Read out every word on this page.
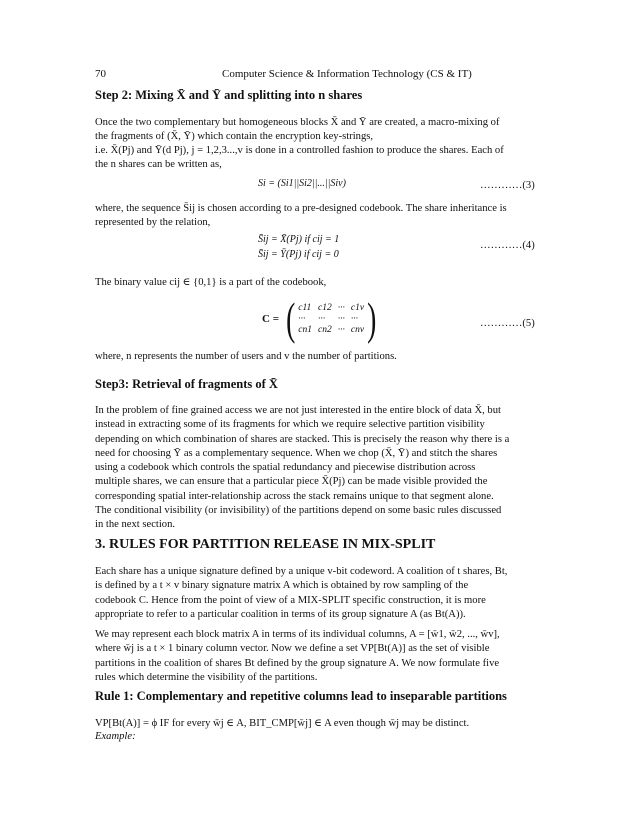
70	Computer Science & Information Technology (CS & IT)
Step 2: Mixing X̄ and Ȳ and splitting into n shares
Once the two complementary but homogeneous blocks X̄ and Ȳ are created, a macro-mixing of
the fragments of (X̄, Ȳ) which contain the encryption key-strings,
i.e. X̄(Pj) and Ȳ(d Pj), j = 1,2,3...,v is done in a controlled fashion to produce the shares. Each of
the n shares can be written as,
Si = (Si1||Si2||...||Siv)	…………(3)
where, the sequence S̄ij is chosen according to a pre-designed codebook. The share inheritance is
represented by the relation,
S̄ij = X̄(Pj) if cij = 1
S̄ij = Ȳ(Pj) if cij = 0
…………(4)
The binary value cij ∈ {0,1} is a part of the codebook,
C = ( c11 c12 ··· c1v
···	···	··· ···
cn1 cn2 ··· cnv )	…………(5)
where, n represents the number of users and v the number of partitions.
Step3: Retrieval of fragments of X̄
In the problem of fine grained access we are not just interested in the entire block of data X̄, but
instead in extracting some of its fragments for which we require selective partition visibility
depending on which combination of shares are stacked. This is precisely the reason why there is a
need for choosing Ȳ as a complementary sequence. When we chop (X̄, Ȳ) and stitch the shares
using a codebook which controls the spatial redundancy and piecewise distribution across
multiple shares, we can ensure that a particular piece X̄(Pj) can be made visible provided the
corresponding spatial inter-relationship across the stack remains unique to that segment alone.
The conditional visibility (or invisibility) of the partitions depend on some basic rules discussed
in the next section.
3. RULES FOR PARTITION RELEASE IN MIX-SPLIT
Each share has a unique signature defined by a unique v-bit codeword. A coalition of t shares, Bt,
is defined by a t × v binary signature matrix A which is obtained by row sampling of the
codebook C. Hence from the point of view of a MIX-SPLIT specific construction, it is more
appropriate to refer to a particular coalition in terms of its group signature A (as Bt(A)).
We may represent each block matrix A in terms of its individual columns, A = [w̄1, w̄2, ..., w̄v],
where w̄j is a t × 1 binary column vector. Now we define a set VP[Bt(A)] as the set of visible
partitions in the coalition of shares Bt defined by the group signature A. We now formulate five
rules which determine the visibility of the partitions.
Rule 1: Complementary and repetitive columns lead to inseparable partitions
VP[Bt(A)] = ϕ IF for every w̄j ∈ A, BIT_CMP[w̄j] ∈ A even though w̄j may be distinct.
Example:
